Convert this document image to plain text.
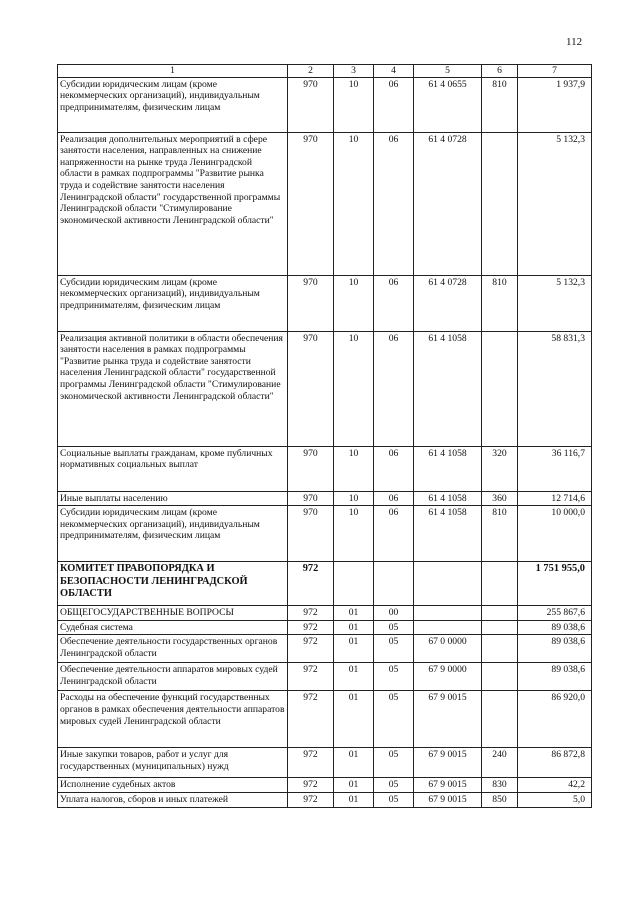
112
1	2	3	4	5	6	7
Субсидии юридическим лицам (кроме некоммерческих организаций), индивидуальным предпринимателям, физическим лицам	970	10	06	61 4 0655	810	1 937,9
Реализация дополнительных мероприятий в сфере занятости населения, направленных на снижение напряженности на рынке труда Ленинградской области в рамках подпрограммы "Развитие рынка труда и содействие занятости населения Ленинградской области" государственной программы Ленинградской области "Стимулирование экономической активности Ленинградской области"	970	10	06	61 4 0728		5 132,3
Субсидии юридическим лицам (кроме некоммерческих организаций), индивидуальным предпринимателям, физическим лицам	970	10	06	61 4 0728	810	5 132,3
Реализация активной политики в области обеспечения занятости населения в рамках подпрограммы "Развитие рынка труда и содействие занятости населения Ленинградской области" государственной программы Ленинградской области "Стимулирование экономической активности Ленинградской области"	970	10	06	61 4 1058		58 831,3
Социальные выплаты гражданам, кроме публичных нормативных социальных выплат	970	10	06	61 4 1058	320	36 116,7
Иные выплаты населению	970	10	06	61 4 1058	360	12 714,6
Субсидии юридическим лицам (кроме некоммерческих организаций), индивидуальным предпринимателям, физическим лицам	970	10	06	61 4 1058	810	10 000,0
КОМИТЕТ ПРАВОПОРЯДКА И БЕЗОПАСНОСТИ ЛЕНИНГРАДСКОЙ ОБЛАСТИ	972					1 751 955,0
ОБЩЕГОСУДАРСТВЕННЫЕ ВОПРОСЫ	972	01	00			255 867,6
Судебная система	972	01	05			89 038,6
Обеспечение деятельности государственных органов Ленинградской области	972	01	05	67 0 0000		89 038,6
Обеспечение деятельности аппаратов мировых судей Ленинградской области	972	01	05	67 9 0000		89 038,6
Расходы на обеспечение функций государственных органов в рамках обеспечения деятельности аппаратов мировых судей Ленинградской области	972	01	05	67 9 0015		86 920,0
Иные закупки товаров, работ и услуг для государственных (муниципальных) нужд	972	01	05	67 9 0015	240	86 872,8
Исполнение судебных актов	972	01	05	67 9 0015	830	42,2
Уплата налогов, сборов и иных платежей	972	01	05	67 9 0015	850	5,0
